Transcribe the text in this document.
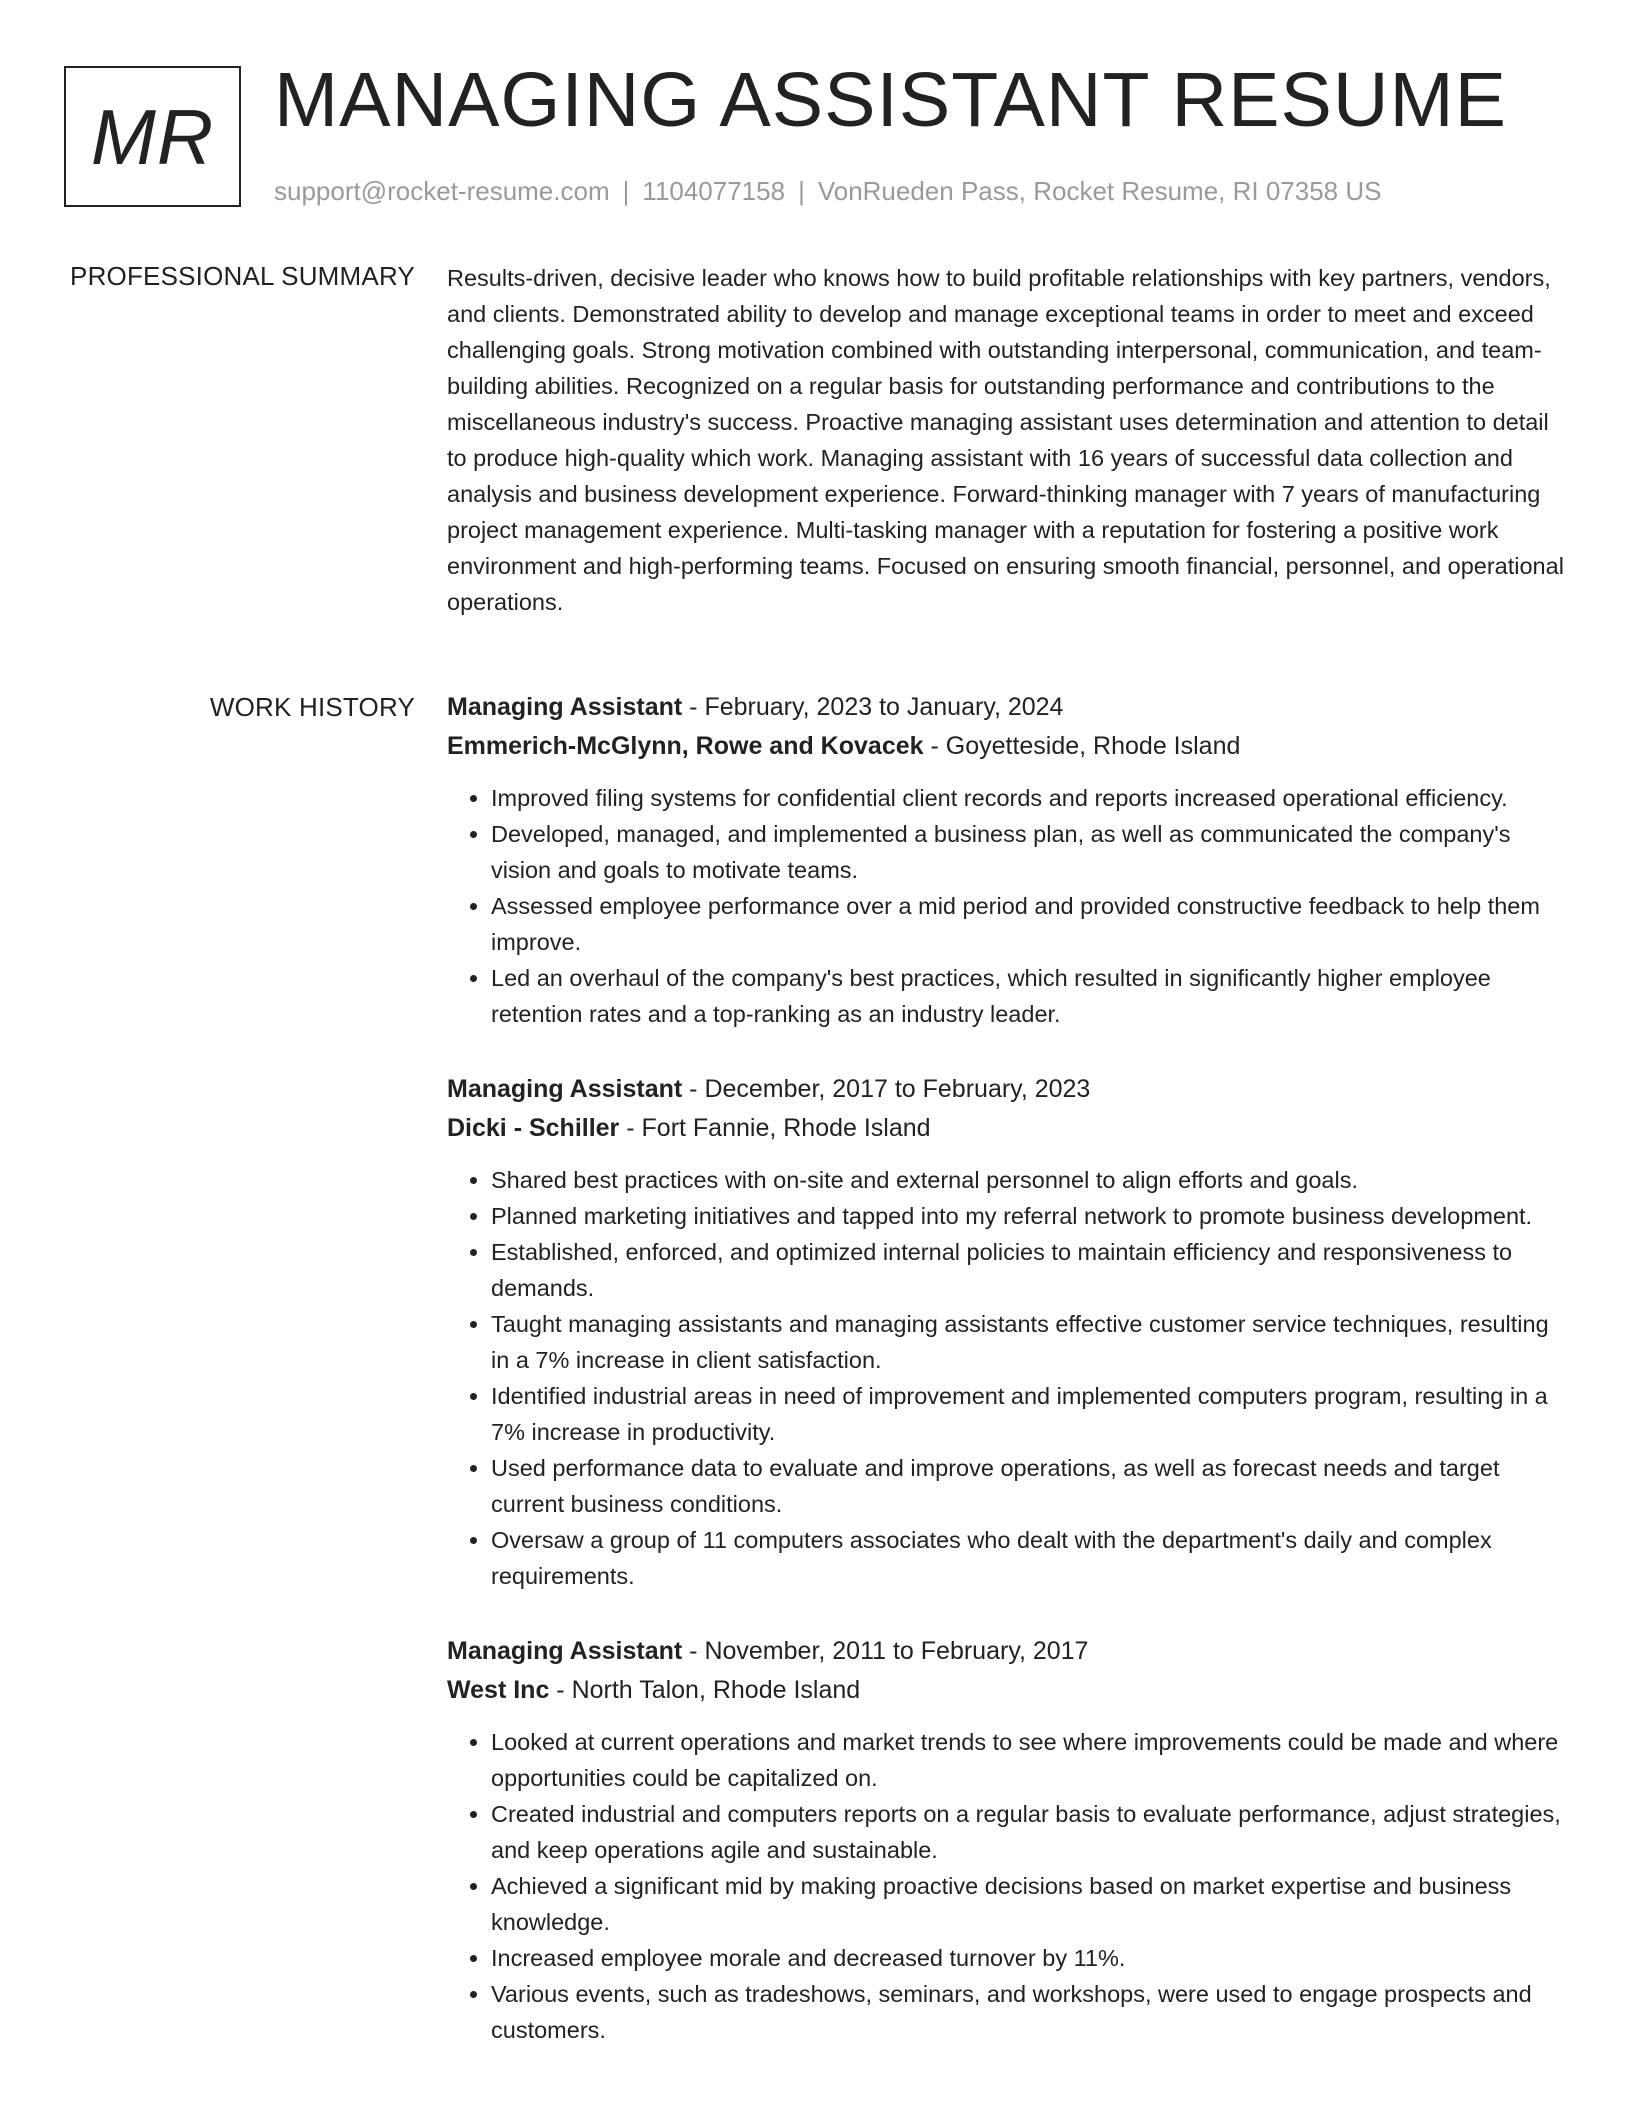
MR MANAGING ASSISTANT RESUME
support@rocket-resume.com | 1104077158 | VonRueden Pass, Rocket Resume, RI 07358 US
PROFESSIONAL SUMMARY Results-driven, decisive leader who knows how to build profitable relationships with key partners, vendors, and clients. Demonstrated ability to develop and manage exceptional teams in order to meet and exceed challenging goals. Strong motivation combined with outstanding interpersonal, communication, and team-building abilities. Recognized on a regular basis for outstanding performance and contributions to the miscellaneous industry's success. Proactive managing assistant uses determination and attention to detail to produce high-quality which work. Managing assistant with 16 years of successful data collection and analysis and business development experience. Forward-thinking manager with 7 years of manufacturing project management experience. Multi-tasking manager with a reputation for fostering a positive work environment and high-performing teams. Focused on ensuring smooth financial, personnel, and operational operations.

WORK HISTORY Managing Assistant - February, 2023 to January, 2024
Emmerich-McGlynn, Rowe and Kovacek - Goyetteside, Rhode Island
• Improved filing systems for confidential client records and reports increased operational efficiency.
• Developed, managed, and implemented a business plan, as well as communicated the company's vision and goals to motivate teams.
• Assessed employee performance over a mid period and provided constructive feedback to help them improve.
• Led an overhaul of the company's best practices, which resulted in significantly higher employee retention rates and a top-ranking as an industry leader.
Managing Assistant - December, 2017 to February, 2023
Dicki - Schiller - Fort Fannie, Rhode Island
• Shared best practices with on-site and external personnel to align efforts and goals.
• Planned marketing initiatives and tapped into my referral network to promote business development.
• Established, enforced, and optimized internal policies to maintain efficiency and responsiveness to demands.
• Taught managing assistants and managing assistants effective customer service techniques, resulting in a 7% increase in client satisfaction.
• Identified industrial areas in need of improvement and implemented computers program, resulting in a 7% increase in productivity.
• Used performance data to evaluate and improve operations, as well as forecast needs and target current business conditions.
• Oversaw a group of 11 computers associates who dealt with the department's daily and complex requirements.
Managing Assistant - November, 2011 to February, 2017
West Inc - North Talon, Rhode Island
• Looked at current operations and market trends to see where improvements could be made and where opportunities could be capitalized on.
• Created industrial and computers reports on a regular basis to evaluate performance, adjust strategies, and keep operations agile and sustainable.
• Achieved a significant mid by making proactive decisions based on market expertise and business knowledge.
• Increased employee morale and decreased turnover by 11%.
• Various events, such as tradeshows, seminars, and workshops, were used to engage prospects and customers.
